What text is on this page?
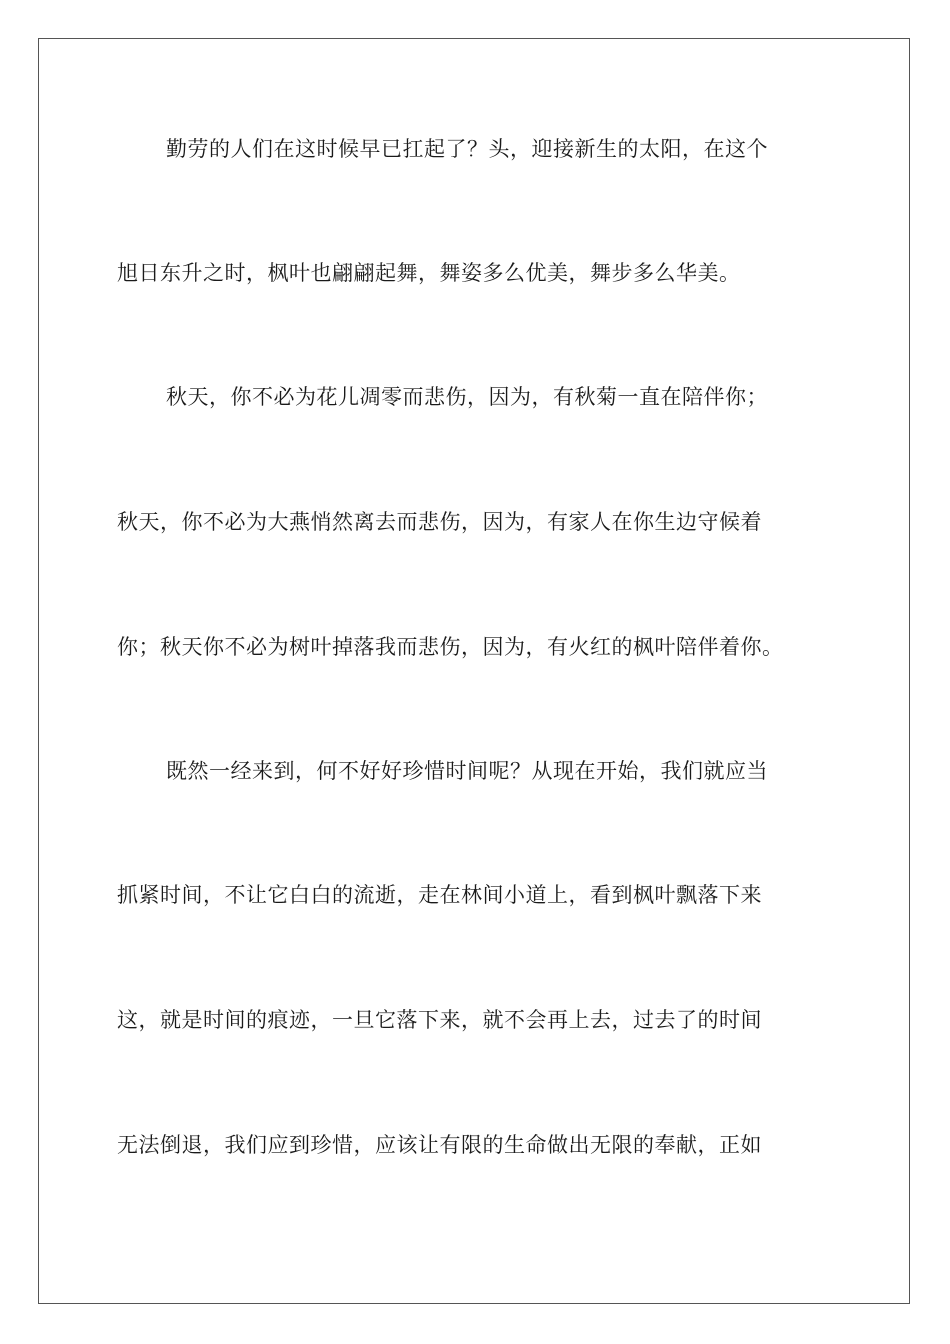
勤劳的人们在这时候早已扛起了？头，迎接新生的太阳，在这个
旭日东升之时，枫叶也翩翩起舞，舞姿多么优美，舞步多么华美。
秋天，你不必为花儿凋零而悲伤，因为，有秋菊一直在陪伴你；
秋天，你不必为大燕悄然离去而悲伤，因为，有家人在你生边守候着
你；秋天你不必为树叶掉落我而悲伤，因为，有火红的枫叶陪伴着你。
既然一经来到，何不好好珍惜时间呢？从现在开始，我们就应当
抓紧时间，不让它白白的流逝，走在林间小道上，看到枫叶飘落下来
这，就是时间的痕迹，一旦它落下来，就不会再上去，过去了的时间
无法倒退，我们应到珍惜，应该让有限的生命做出无限的奉献，正如
